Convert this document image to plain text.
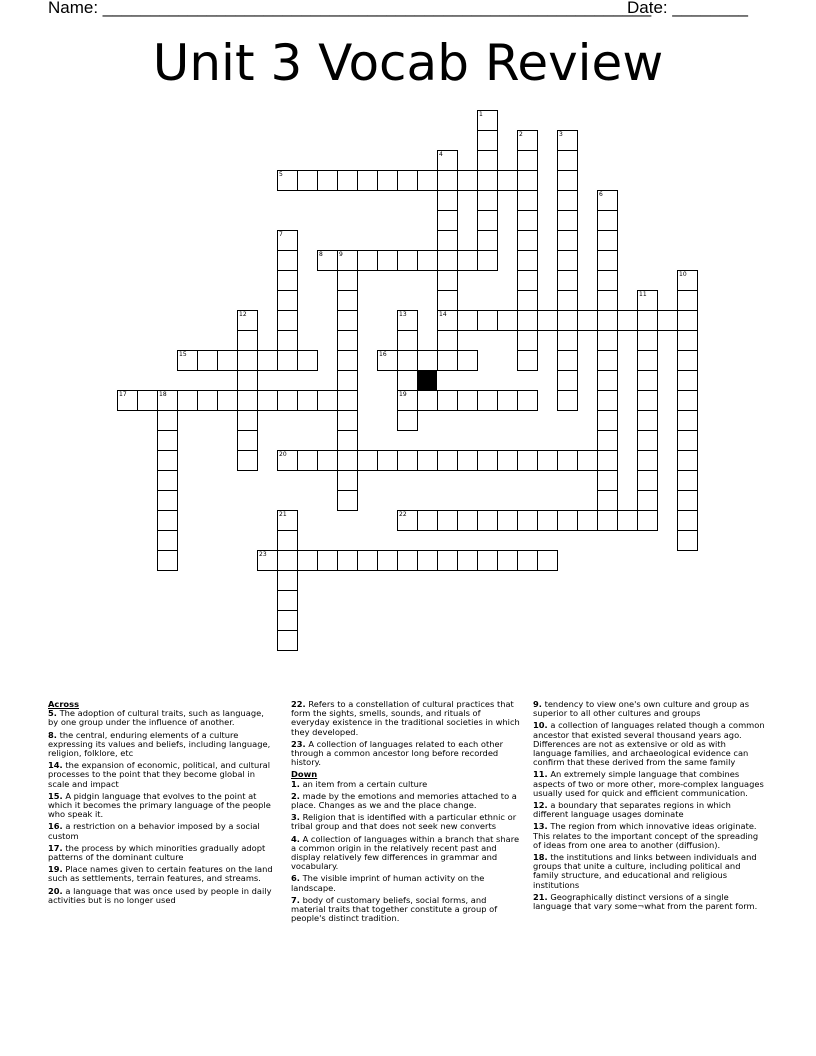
Name: __________________________________________________________
Date: ________
Unit 3 Vocab Review
1
2	3
4
14
5
6
7
8	9
10
11
12	13
19
15	16
17	18
20
21	22
23
Across
5. The adoption of cultural traits, such as language, by one group under the influence of another.
8. the central, enduring elements of a culture expressing its values and beliefs, including language, religion, folklore, etc
14. the expansion of economic, political, and cultural processes to the point that they become global in scale and impact
15. A pidgin language that evolves to the point at which it becomes the primary language of the people who speak it.
16. a restriction on a behavior imposed by a social custom
17. the process by which minorities gradually adopt patterns of the dominant culture
19. Place names given to certain features on the land such as settlements, terrain features, and streams.
20. a language that was once used by people in daily activities but is no longer used
22. Refers to a constellation of cultural practices that form the sights, smells, sounds, and rituals of everyday existence in the traditional societies in which they developed.
23. A collection of languages related to each other through a common ancestor long before recorded history.
Down
1. an item from a certain culture
2. made by the emotions and memories attached to a place. Changes as we and the place change.
3. Religion that is identified with a particular ethnic or tribal group and that does not seek new converts
4. A collection of languages within a branch that share a common origin in the relatively recent past and display relatively few differences in grammar and vocabulary.
6. The visible imprint of human activity on the landscape.
7. body of customary beliefs, social forms, and material traits that together constitute a group of people's distinct tradition.
9. tendency to view one's own culture and group as superior to all other cultures and groups
10. a collection of languages related though a common ancestor that existed several thousand years ago. Differences are not as extensive or old as with language families, and archaeological evidence can confirm that these derived from the same family
11. An extremely simple language that combines aspects of two or more other, more-complex languages usually used for quick and efficient communication.
12. a boundary that separates regions in which different language usages dominate
13. The region from which innovative ideas originate. This relates to the important concept of the spreading of ideas from one area to another (diffusion).
18. the institutions and links between individuals and groups that unite a culture, including political and family structure, and educational and religious institutions
21. Geographically distinct versions of a single language that vary some¬what from the parent form.
